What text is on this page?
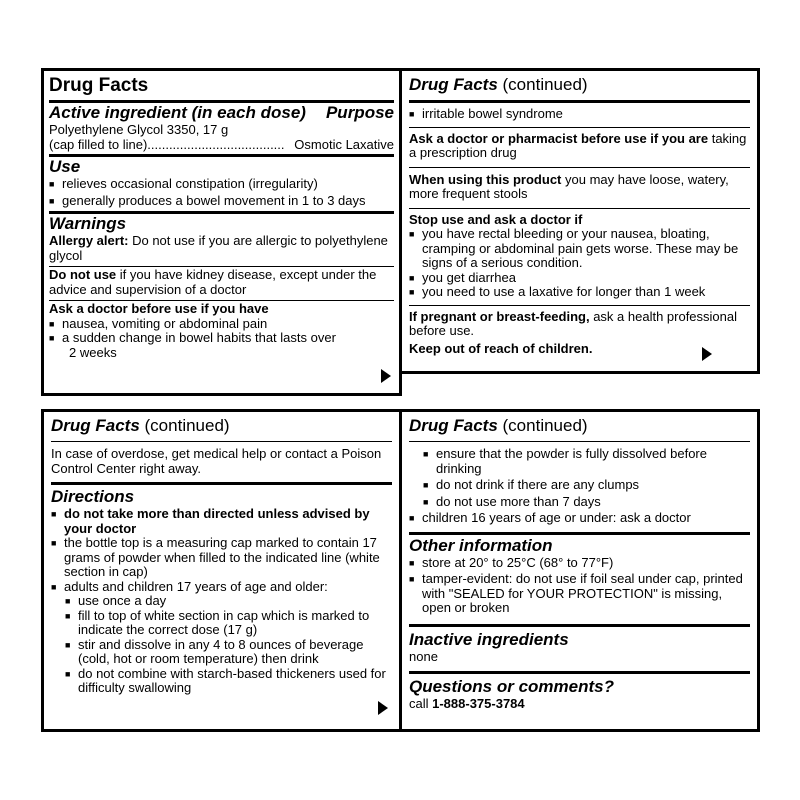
Drug Facts
Active ingredient (in each dose) Purpose
Polyethylene Glycol 3350, 17 g
(cap filled to line)...................................... Osmotic Laxative
Use
■ relieves occasional constipation (irregularity)
■ generally produces a bowel movement in 1 to 3 days
Warnings
Allergy alert: Do not use if you are allergic to polyethylene glycol
Do not use if you have kidney disease, except under the advice and supervision of a doctor
Ask a doctor before use if you have
■ nausea, vomiting or abdominal pain
■ a sudden change in bowel habits that lasts over
2 weeks
Drug Facts (continued)
■ irritable bowel syndrome
Ask a doctor or pharmacist before use if you are taking a prescription drug
When using this product you may have loose, watery, more frequent stools
Stop use and ask a doctor if
■ you have rectal bleeding or your nausea, bloating, cramping or abdominal pain gets worse. These may be signs of a serious condition.
■ you get diarrhea
■ you need to use a laxative for longer than 1 week
If pregnant or breast-feeding, ask a health professional before use.
Keep out of reach of children.
Drug Facts (continued)
In case of overdose, get medical help or contact a Poison Control Center right away.
Directions
■ do not take more than directed unless advised by your doctor
■ the bottle top is a measuring cap marked to contain 17 grams of powder when filled to the indicated line (white section in cap)
■ adults and children 17 years of age and older:
■ use once a day
■ fill to top of white section in cap which is marked to indicate the correct dose (17 g)
■ stir and dissolve in any 4 to 8 ounces of beverage (cold, hot or room temperature) then drink
■ do not combine with starch-based thickeners used for difficulty swallowing
Drug Facts (continued)
■ ensure that the powder is fully dissolved before drinking
■ do not drink if there are any clumps
■ do not use more than 7 days
■ children 16 years of age or under: ask a doctor
Other information
■ store at 20° to 25°C (68° to 77°F)
■ tamper-evident: do not use if foil seal under cap, printed with "SEALED for YOUR PROTECTION" is missing, open or broken
Inactive ingredients
none
Questions or comments?
call 1-888-375-3784
